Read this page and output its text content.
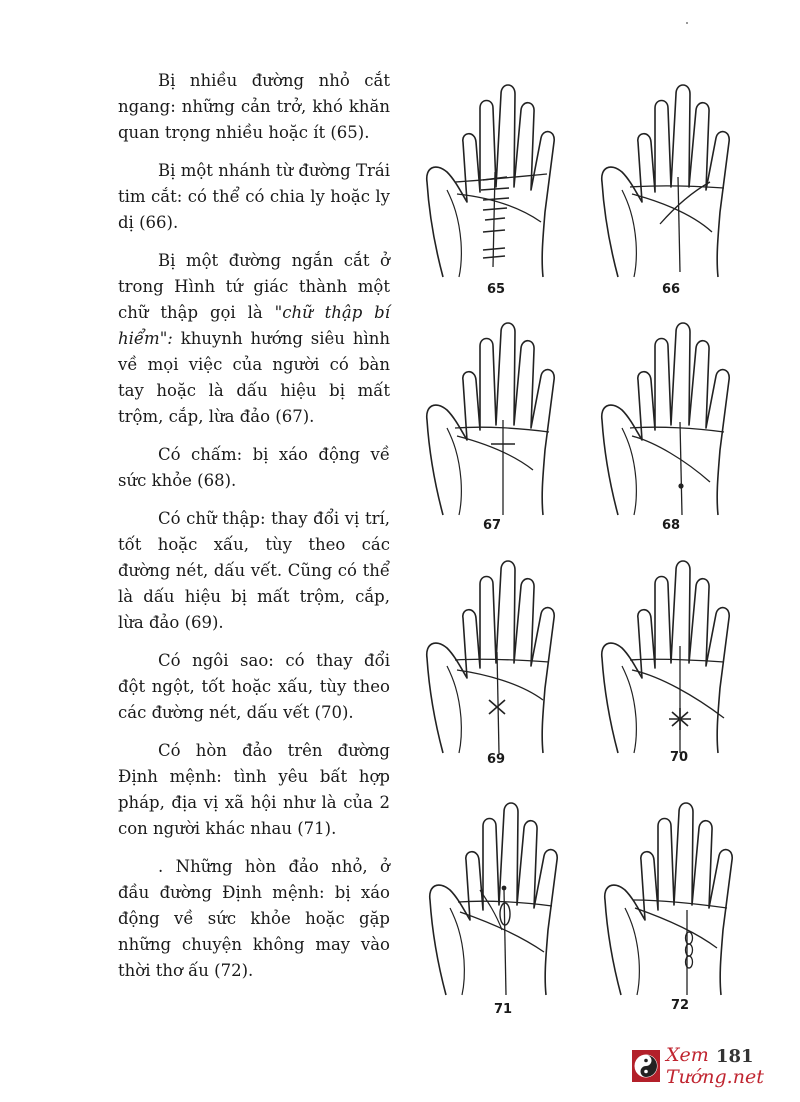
Bị nhiều đường nhỏ cắt ngang: những cản trở, khó khăn quan trọng nhiều hoặc ít (65).

Bị một nhánh từ đường Trái tim cắt: có thể có chia ly hoặc ly dị (66).

Bị một đường ngắn cắt ở trong Hình tứ giác thành một chữ thập gọi là "chữ thập bí hiểm": khuynh hướng siêu hình về mọi việc của người có bàn tay hoặc là dấu hiệu bị mất trộm, cắp, lừa đảo (67).

Có chấm: bị xáo động về sức khỏe (68).

Có chữ thập: thay đổi vị trí, tốt hoặc xấu, tùy theo các đường nét, dấu vết. Cũng có thể là dấu hiệu bị mất trộm, cắp, lừa đảo (69).

Có ngôi sao: có thay đổi đột ngột, tốt hoặc xấu, tùy theo các đường nét, dấu vết (70).

Có hòn đảo trên đường Định mệnh: tình yêu bất hợp pháp, địa vị xã hội như là của 2 con người khác nhau (71).

. Những hòn đảo nhỏ, ở đầu đường Định mệnh: bị xáo động về sức khỏe hoặc gặp những chuyện không may vào thời thơ ấu (72).

65	66
67	68
69	70
71	72
181
Xem Tướng.net
